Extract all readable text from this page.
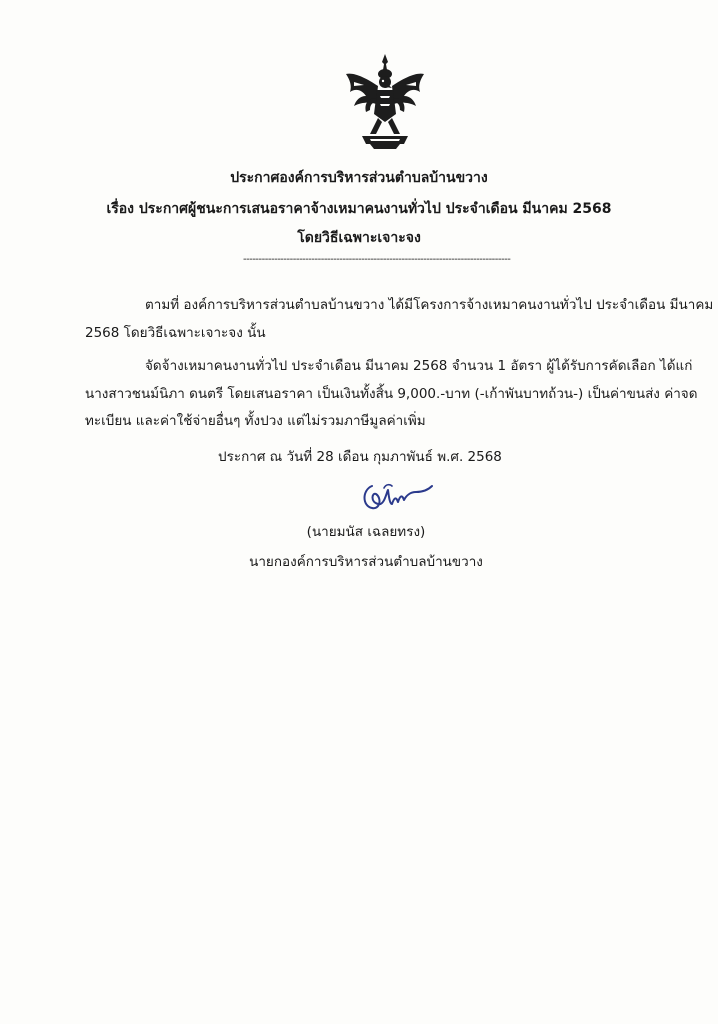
ประกาศองค์การบริหารส่วนตำบลบ้านขวาง
เรื่อง ประกาศผู้ชนะการเสนอราคาจ้างเหมาคนงานทั่วไป ประจำเดือน มีนาคม 2568
โดยวิธีเฉพาะเจาะจง
--------------------------------------------------------------------------------------
ตามที่ องค์การบริหารส่วนตำบลบ้านขวาง ได้มีโครงการจ้างเหมาคนงานทั่วไป ประจำเดือน มีนาคม
2568 โดยวิธีเฉพาะเจาะจง นั้น
จัดจ้างเหมาคนงานทั่วไป ประจำเดือน มีนาคม 2568 จำนวน 1 อัตรา ผู้ได้รับการคัดเลือก ได้แก่
นางสาวชนม์นิภา ดนตรี โดยเสนอราคา เป็นเงินทั้งสิ้น 9,000.-บาท (-เก้าพันบาทถ้วน-) เป็นค่าขนส่ง ค่าจด
ทะเบียน และค่าใช้จ่ายอื่นๆ ทั้งปวง แต่ไม่รวมภาษีมูลค่าเพิ่ม
ประกาศ ณ วันที่ 28 เดือน กุมภาพันธ์ พ.ศ. 2568
(นายมนัส เฉลยทรง)
นายกองค์การบริหารส่วนตำบลบ้านขวาง
